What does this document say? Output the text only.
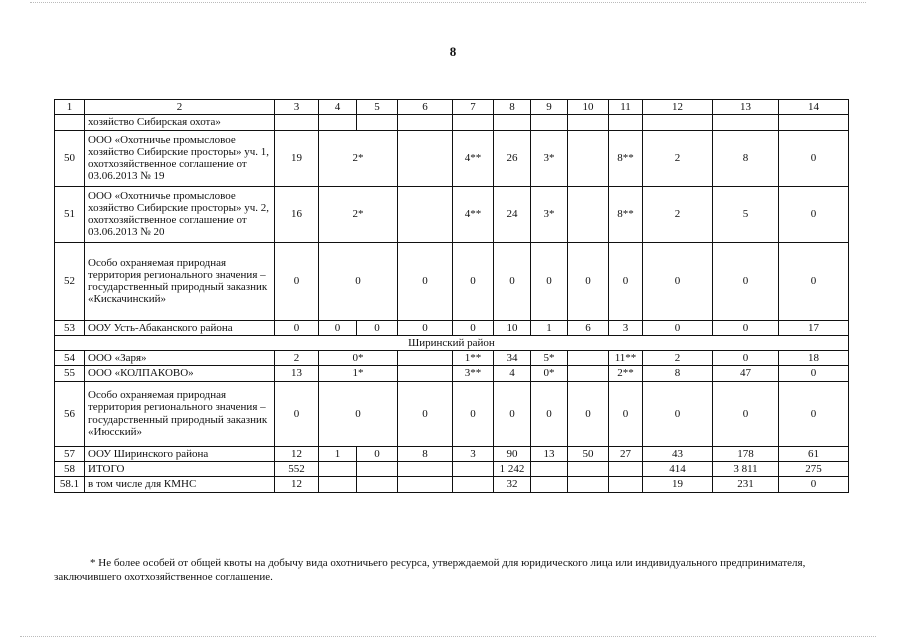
8
1	2	3	4	5	6	7	8	9	10	11	12	13	14
	хозяйство Сибирская охота»												
50	ООО «Охотничье промысловое хозяйство Сибирские просторы» уч. 1, охотхозяйственное соглашение от 03.06.2013 № 19	19	2*			4**	26	3*		8**	2	8	0
51	ООО «Охотничье промысловое хозяйство Сибирские просторы» уч. 2, охотхозяйственное соглашение от 03.06.2013 № 20	16	2*			4**	24	3*		8**	2	5	0
52	Особо охраняемая природная территория регионального значения – государственный природный заказник «Кискачинский»	0	0		0	0	0	0	0	0	0	0	0
53	ООУ Усть-Абаканского района	0	0	0	0	0	10	1	6	3	0	0	17
Ширинский район													
54	ООО «Заря»	2	0*			1**	34	5*		11**	2	0	18
55	ООО «КОЛПАКОВО»	13	1*			3**	4	0*		2**	8	47	0
56	Особо охраняемая природная территория регионального значения – государственный природный заказник «Июсский»	0	0		0	0	0	0	0	0	0	0	0
57	ООУ Ширинского района	12	1	0	8	3	90	13	50	27	43	178	61
58	ИТОГО	552					1 242				414	3 811	275
58.1	в том числе для КМНС	12					32				19	231	0
* Не более особей от общей квоты на добычу вида охотничьего ресурса, утверждаемой для юридического лица или индивидуального предпринимателя, заключившего охотхозяйственное соглашение.
